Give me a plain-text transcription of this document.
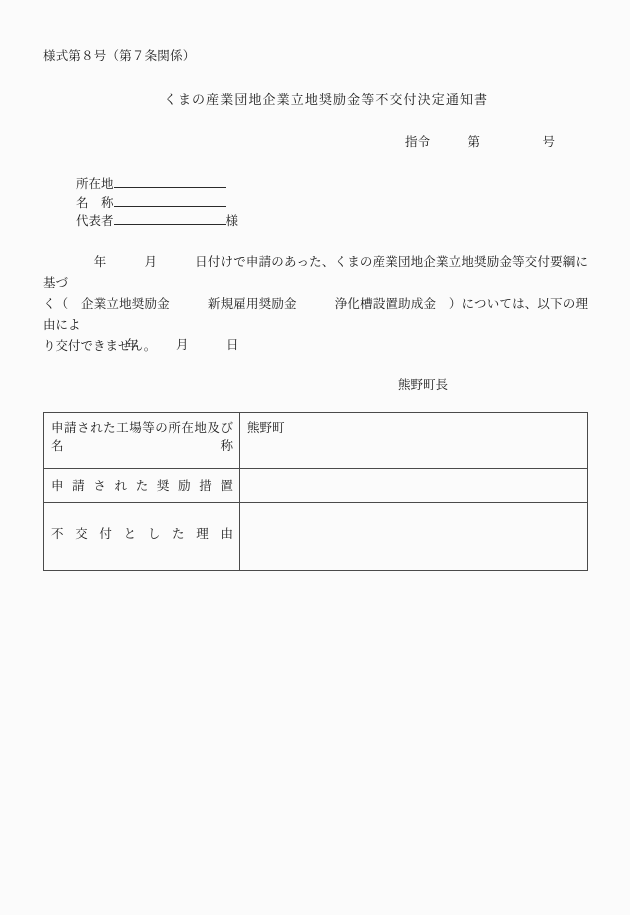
様式第８号（第７条関係）
くまの産業団地企業立地奨励金等不交付決定通知書
指令　　　第　　　　　号
所在地
名　称
代表者	様
　　　　年　　　月　　　日付けで申請のあった、くまの産業団地企業立地奨励金等交付要綱に基づ
く（　企業立地奨励金　　　新規雇用奨励金　　　浄化槽設置助成金　）については、以下の理由によ
り交付できません。
年　　　月　　　日
熊野町長
申請された工場等の所在地及び
名　称	熊野町

申請された奨励措置	

不交付とした理由	
